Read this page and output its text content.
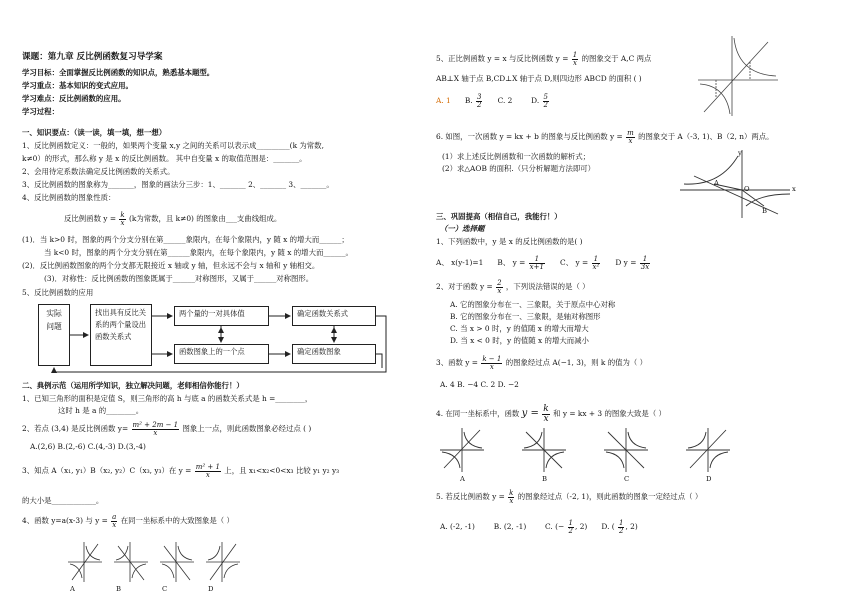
课题：第九章 反比例函数复习导学案
学习目标：全面掌握反比例函数的知识点，熟悉基本题型。
学习重点：基本知识的变式应用。
学习难点：反比例函数的应用。
学习过程：
一、知识要点：（读一读，填一填，想一想）
1、反比例函数定义：一般的，如果两个变量 x,y 之间的关系可以表示成_________(k 为常数,
k≠0）的形式，那么称 y 是 x 的反比例函数。 其中自变量 x 的取值范围是：_______。
2、会用待定系数法确定反比例函数的关系式。
3、反比例函数的图象称为_______，图象的画法分三步：1、_______ 2、_______ 3、_______。
4、反比例函数的图象性质：
反比例函数 $y = \frac{k}{x} (k$为常数，且 k≠0) 的图象由___支曲线组成。
(1)．当 k>0 时，图象的两个分支分别在第______象限内，在每个象限内，y 随 x 的增大而______；
当 k<0 时，图象的两个分支分别在第______象限内，在每个象限内，y 随 x 的增大而______。
(2)．反比例函数图象的两个分支都无限接近 x 轴或 y 轴，但永远不会与 x 轴和 y 轴相交。
(3)．对称性：反比例函数的图象既属于______对称图形，又属于______对称图形。
5、反比例函数的应用
实际问题
找出具有反比关系的两个量设出函数关系式
两个量的一对具体值	确定函数关系式
函数图象上的一个点	确定函数图象
二、典例示范（运用所学知识，独立解决问题，老师相信你能行！）
1、已知三角形的面积是定值 S，则三角形的高 h 与底 a 的函数关系式是 h =________，
这时 h 是 a 的________。
2、若点 (3,4) 是反比例函数 $y= \frac{\text{m² + 2m − 1}}{x}$ 图象上一点，则此函数图象必经过点 ( )
A.(2,6) B.(2,-6) C.(4,-3) D.(3,-4)
3、知点 A（x₁, y₁）B（x₂, y₂）C（x₃, y₃）在 $y = \frac{\text{m² + 1}}{x}$ 上，且 x₁<x₂<0<x₃ 比较 y₁ y₂ y₃
的大小是____________。
4、函数 y=a(x-3) 与 $y = \frac{a}{x}$ 在同一坐标系中的大致图象是（ ）
A	B	C	D
5、正比例函数 y = x 与反比例函数 $y = \frac{1}{x}$ 的图象交于 A,C 两点
AB⊥X 轴于点 B,CD⊥X 轴于点 D,则四边形 ABCD 的面积 ( )
A. 1 B. $\frac{3}{2} C$. 2	D. $\frac{5}{2}$
6. 如图，一次函数 y = kx + b 的图象与反比例函数 $y = \frac{m}{x}$ 的图象交于 A（-3, 1)、B（2, n）两点。
(1）求上述反比例函数和一次函数的解析式；
(2）求△AOB 的面积.（只分析解题方法即可）
y
x
A
O
B
三、巩固提高（相信自己，我能行！）
（一）选择题
1、下列函数中，y 是 x 的反比例函数的是( )
A、 x(y-1)=1 B、 $y = \frac{1}{x+1}$ C、 $y = \frac{1}{\text{x²}}$ D $y = \frac{1}{3x}$
2、对于函数 $y = \frac{2}{x}$ ，下列说法错误的是（ ）
A. 它的图象分布在一、三象限，关于原点中心对称
B. 它的图象分布在一、三象限，是轴对称图形
C. 当 x > 0 时，y 的值随 x 的增大而增大
D. 当 x < 0 时，y 的值随 x 的增大而减小
3、函数 $y = \frac{k - 1}{x}$ 的图象经过点 A(−1, 3)，则 k 的值为（ ）
A. 4 B. −4 C. 2 D. −2
4. 在同一坐标系中，函数 $y = \frac{k}{x}$ 和 y = kx + 3 的图象大致是（ ）
A	B	C	D
5. 若反比例函数 $y = \frac{k}{x}$ 的图象经过点（-2, 1)，则此函数的图象一定经过点（ ）
A. (-2, -1)	B. (2, -1)	C. (− $\frac{1}{2}$ , 2) D. ( $\frac{1}{2}$ , 2)
